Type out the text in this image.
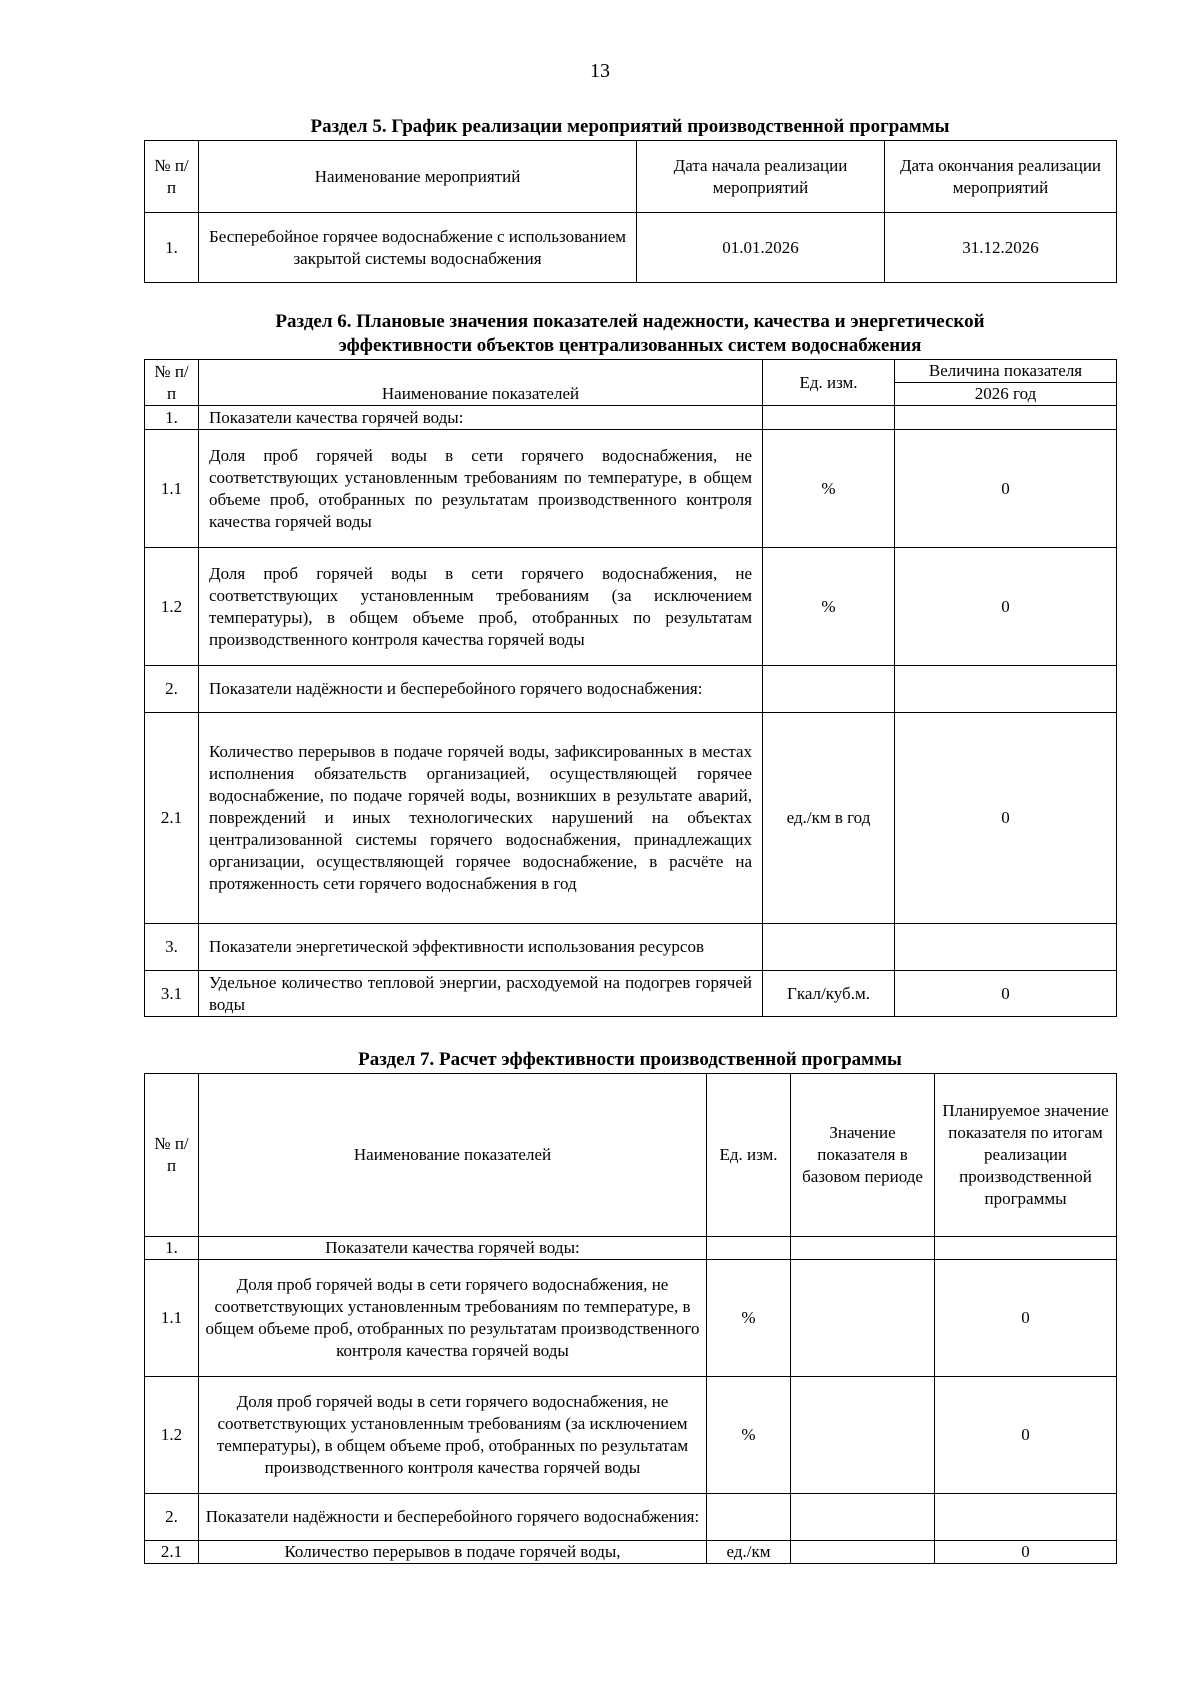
13
Раздел 5. График реализации мероприятий производственной программы
№ п/п	Наименование мероприятий	Дата начала реализации мероприятий	Дата окончания реализации мероприятий
1.	Бесперебойное горячее водоснабжение с использованием закрытой системы водоснабжения	01.01.2026	31.12.2026
Раздел 6. Плановые значения показателей надежности, качества и энергетической
эффективности объектов централизованных систем водоснабжения
№ п/п	Наименование показателей	Ед. изм.	Величина показателя
			2026 год
1.	Показатели качества горячей воды:		
1.1	Доля проб горячей воды в сети горячего водоснабжения, не соответствующих установленным требованиям по температуре, в общем объеме проб, отобранных по результатам производственного контроля качества горячей воды	%	0
1.2	Доля проб горячей воды в сети горячего водоснабжения, не соответствующих установленным требованиям (за исключением температуры), в общем объеме проб, отобранных по результатам производственного контроля качества горячей воды	%	0
2.	Показатели надёжности и бесперебойного горячего водоснабжения:		
2.1	Количество перерывов в подаче горячей воды, зафиксированных в местах исполнения обязательств организацией, осуществляющей горячее водоснабжение, по подаче горячей воды, возникших в результате аварий, повреждений и иных технологических нарушений на объектах централизованной системы горячего водоснабжения, принадлежащих организации, осуществляющей горячее водоснабжение, в расчёте на протяженность сети горячего водоснабжения в год	ед./км в год	0
3.	Показатели энергетической эффективности использования ресурсов		
3.1	Удельное количество тепловой энергии, расходуемой на подогрев горячей воды	Гкал/куб.м.	0
Раздел 7. Расчет эффективности производственной программы
№ п/п	Наименование показателей	Ед. изм.	Значение показателя в базовом периоде	Планируемое значение показателя по итогам реализации производственной программы
1.	Показатели качества горячей воды:			
1.1	Доля проб горячей воды в сети горячего водоснабжения, не соответствующих установленным требованиям по температуре, в общем объеме проб, отобранных по результатам производственного контроля качества горячей воды	%		0
1.2	Доля проб горячей воды в сети горячего водоснабжения, не соответствующих установленным требованиям (за исключением температуры), в общем объеме проб, отобранных по результатам производственного контроля качества горячей воды	%		0
2.	Показатели надёжности и бесперебойного горячего водоснабжения:			
2.1	Количество перерывов в подаче горячей воды,	ед./км		0
